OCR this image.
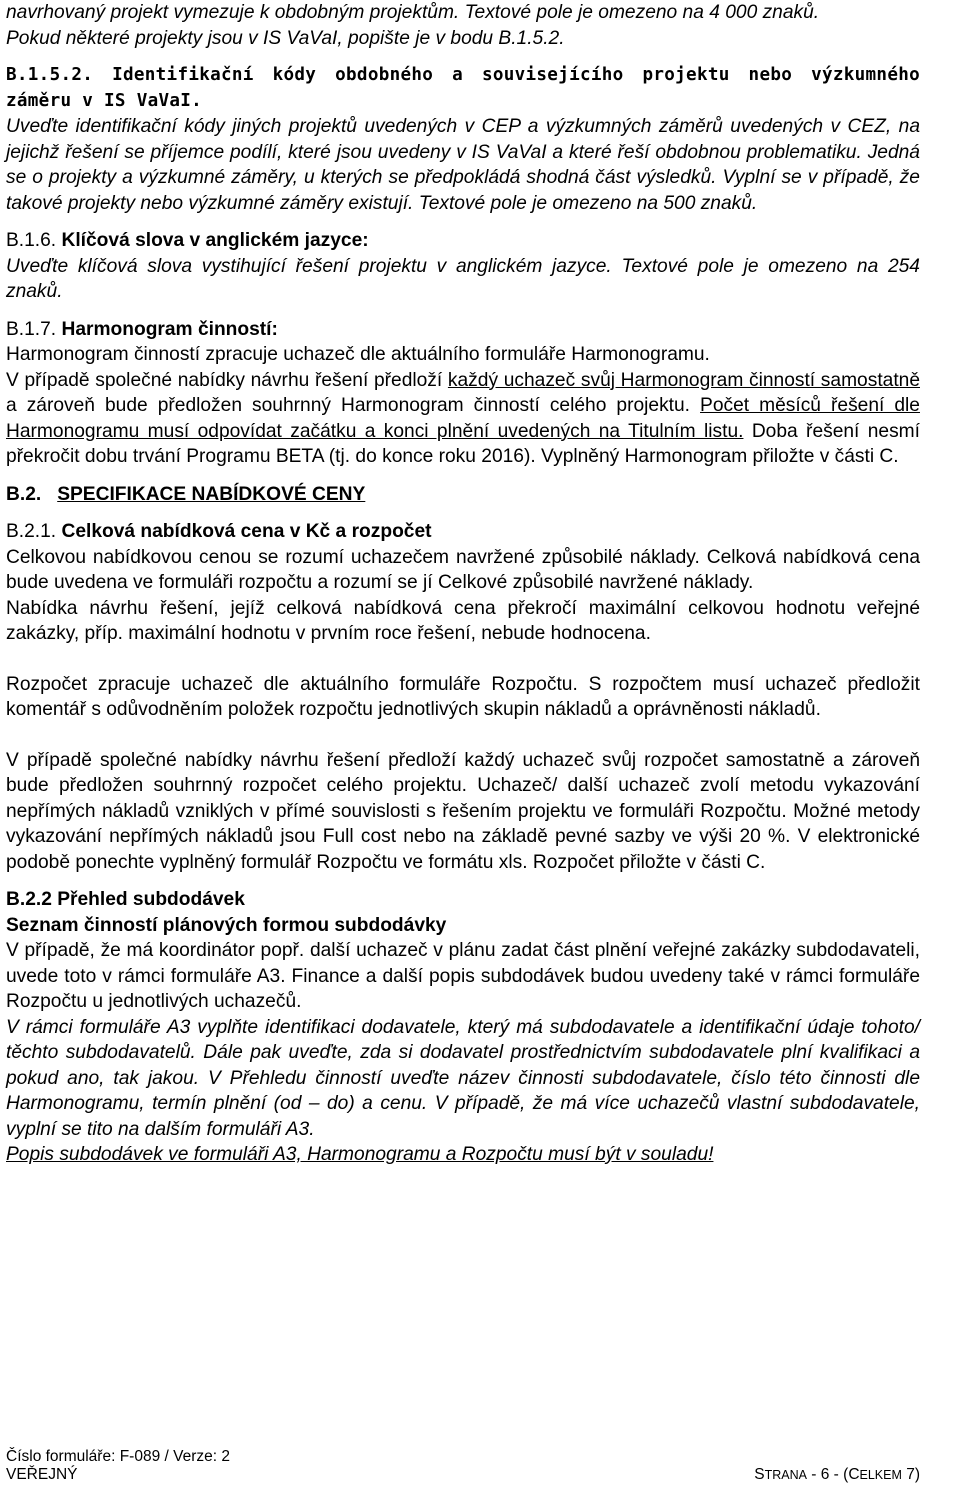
navrhovaný projekt vymezuje k obdobným projektům. Textové pole je omezeno na 4 000 znaků.
Pokud některé projekty jsou v IS VaVaI, popište je v bodu B.1.5.2.

B.1.5.2. Identifikační kódy obdobného a souvisejícího projektu nebo výzkumného záměru v IS VaVaI.

Uveďte identifikační kódy jiných projektů uvedených v CEP a výzkumných záměrů uvedených v CEZ, na jejichž řešení se příjemce podílí, které jsou uvedeny v IS VaVaI a které řeší obdobnou problematiku. Jedná se o projekty a výzkumné záměry, u kterých se předpokládá shodná část výsledků. Vyplní se v případě, že takové projekty nebo výzkumné záměry existují. Textové pole je omezeno na 500 znaků.

B.1.6. Klíčová slova v anglickém jazyce:

Uveďte klíčová slova vystihující řešení projektu v anglickém jazyce. Textové pole je omezeno na 254 znaků.

B.1.7. Harmonogram činností:

Harmonogram činností zpracuje uchazeč dle aktuálního formuláře Harmonogramu.

V případě společné nabídky návrhu řešení předloží každý uchazeč svůj Harmonogram činností samostatně a zároveň bude předložen souhrnný Harmonogram činností celého projektu. Počet měsíců řešení dle Harmonogramu musí odpovídat začátku a konci plnění uvedených na Titulním listu. Doba řešení nesmí překročit dobu trvání Programu BETA (tj. do konce roku 2016). Vyplněný Harmonogram přiložte v části C.

B.2. SPECIFIKACE NABÍDKOVÉ CENY

B.2.1. Celková nabídková cena v Kč a rozpočet

Celkovou nabídkovou cenou se rozumí uchazečem navržené způsobilé náklady. Celková nabídková cena bude uvedena ve formuláři rozpočtu a rozumí se jí Celkové způsobilé navržené náklady.

Nabídka návrhu řešení, jejíž celková nabídková cena překročí maximální celkovou hodnotu veřejné zakázky, příp. maximální hodnotu v prvním roce řešení, nebude hodnocena.

Rozpočet zpracuje uchazeč dle aktuálního formuláře Rozpočtu. S rozpočtem musí uchazeč předložit komentář s odůvodněním položek rozpočtu jednotlivých skupin nákladů a oprávněnosti nákladů.

V případě společné nabídky návrhu řešení předloží každý uchazeč svůj rozpočet samostatně a zároveň bude předložen souhrnný rozpočet celého projektu. Uchazeč/ další uchazeč zvolí metodu vykazování nepřímých nákladů vzniklých v přímé souvislosti s řešením projektu ve formuláři Rozpočtu. Možné metody vykazování nepřímých nákladů jsou Full cost nebo na základě pevné sazby ve výši 20 %. V elektronické podobě ponechte vyplněný formulář Rozpočtu ve formátu xls. Rozpočet přiložte v části C.

B.2.2 Přehled subdodávek

Seznam činností plánových formou subdodávky

V případě, že má koordinátor popř. další uchazeč v plánu zadat část plnění veřejné zakázky subdodavateli, uvede toto v rámci formuláře A3. Finance a další popis subdodávek budou uvedeny také v rámci formuláře Rozpočtu u jednotlivých uchazečů.

V rámci formuláře A3 vyplňte identifikaci dodavatele, který má subdodavatele a identifikační údaje tohoto/ těchto subdodavatelů. Dále pak uveďte, zda si dodavatel prostřednictvím subdodavatele plní kvalifikaci a pokud ano, tak jakou. V Přehledu činností uveďte název činnosti subdodavatele, číslo této činnosti dle Harmonogramu, termín plnění (od – do) a cenu. V případě, že má více uchazečů vlastní subdodavatele, vyplní se tito na dalším formuláři A3.

Popis subdodávek ve formuláři A3, Harmonogramu a Rozpočtu musí být v souladu!

Číslo formuláře: F-089 / Verze: 2
VEŘEJNÝ	STRANA - 6 - (CELKEM 7)
